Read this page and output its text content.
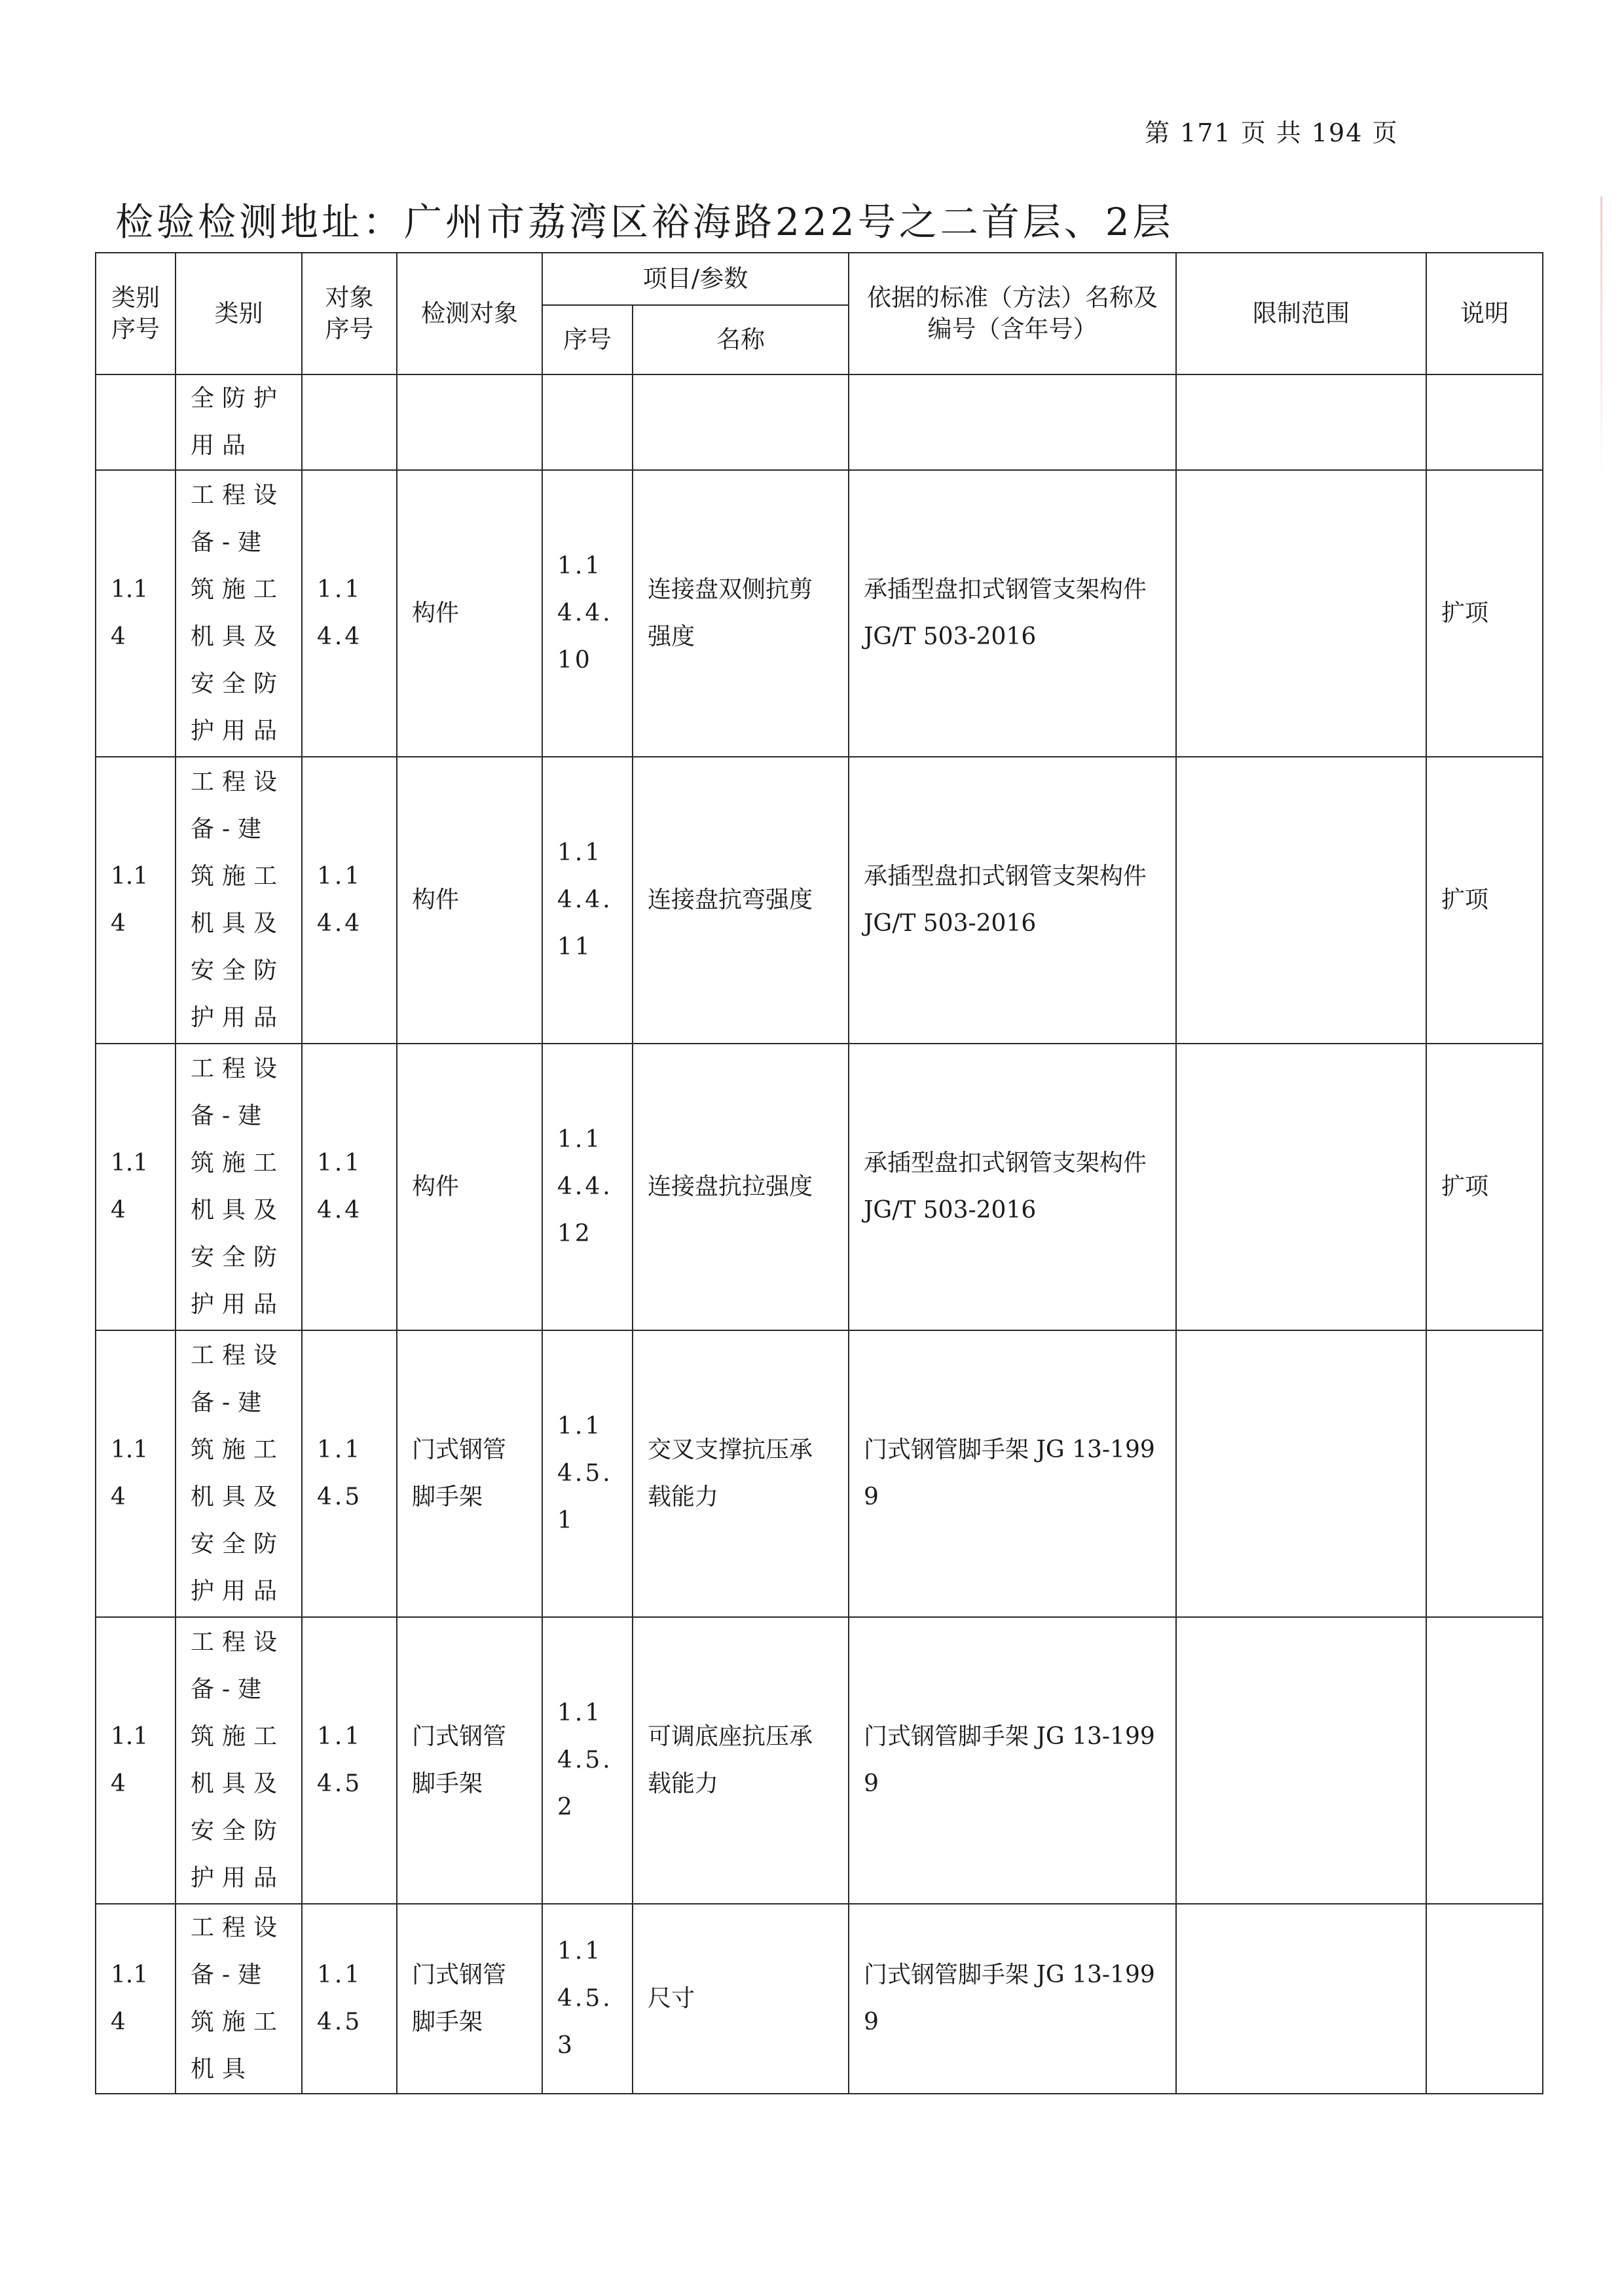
第 171 页 共 194 页
检验检测地址：广州市荔湾区裕海路222号之二首层、2层
类别序号	类别	对象序号	检测对象	项目/参数		依据的标准（方法）名称及编号（含年号）	限制范围	说明
				序号	名称			
	全防护用品							
1.14	工程设备-建筑施工机具及安全防护用品	1.14.4	构件	1.14.4.10	连接盘双侧抗剪强度	承插型盘扣式钢管支架构件 JG/T 503-2016		扩项
1.14	工程设备-建筑施工机具及安全防护用品	1.14.4	构件	1.14.4.11	连接盘抗弯强度	承插型盘扣式钢管支架构件 JG/T 503-2016		扩项
1.14	工程设备-建筑施工机具及安全防护用品	1.14.4	构件	1.14.4.12	连接盘抗拉强度	承插型盘扣式钢管支架构件 JG/T 503-2016		扩项
1.14	工程设备-建筑施工机具及安全防护用品	1.14.5	门式钢管脚手架	1.14.5.1	交叉支撑抗压承载能力	门式钢管脚手架 JG 13-1999		
1.14	工程设备-建筑施工机具及安全防护用品	1.14.5	门式钢管脚手架	1.14.5.2	可调底座抗压承载能力	门式钢管脚手架 JG 13-1999		
1.14	工程设备-建筑施工机具	1.14.5	门式钢管脚手架	1.14.5.3	尺寸	门式钢管脚手架 JG 13-1999		
